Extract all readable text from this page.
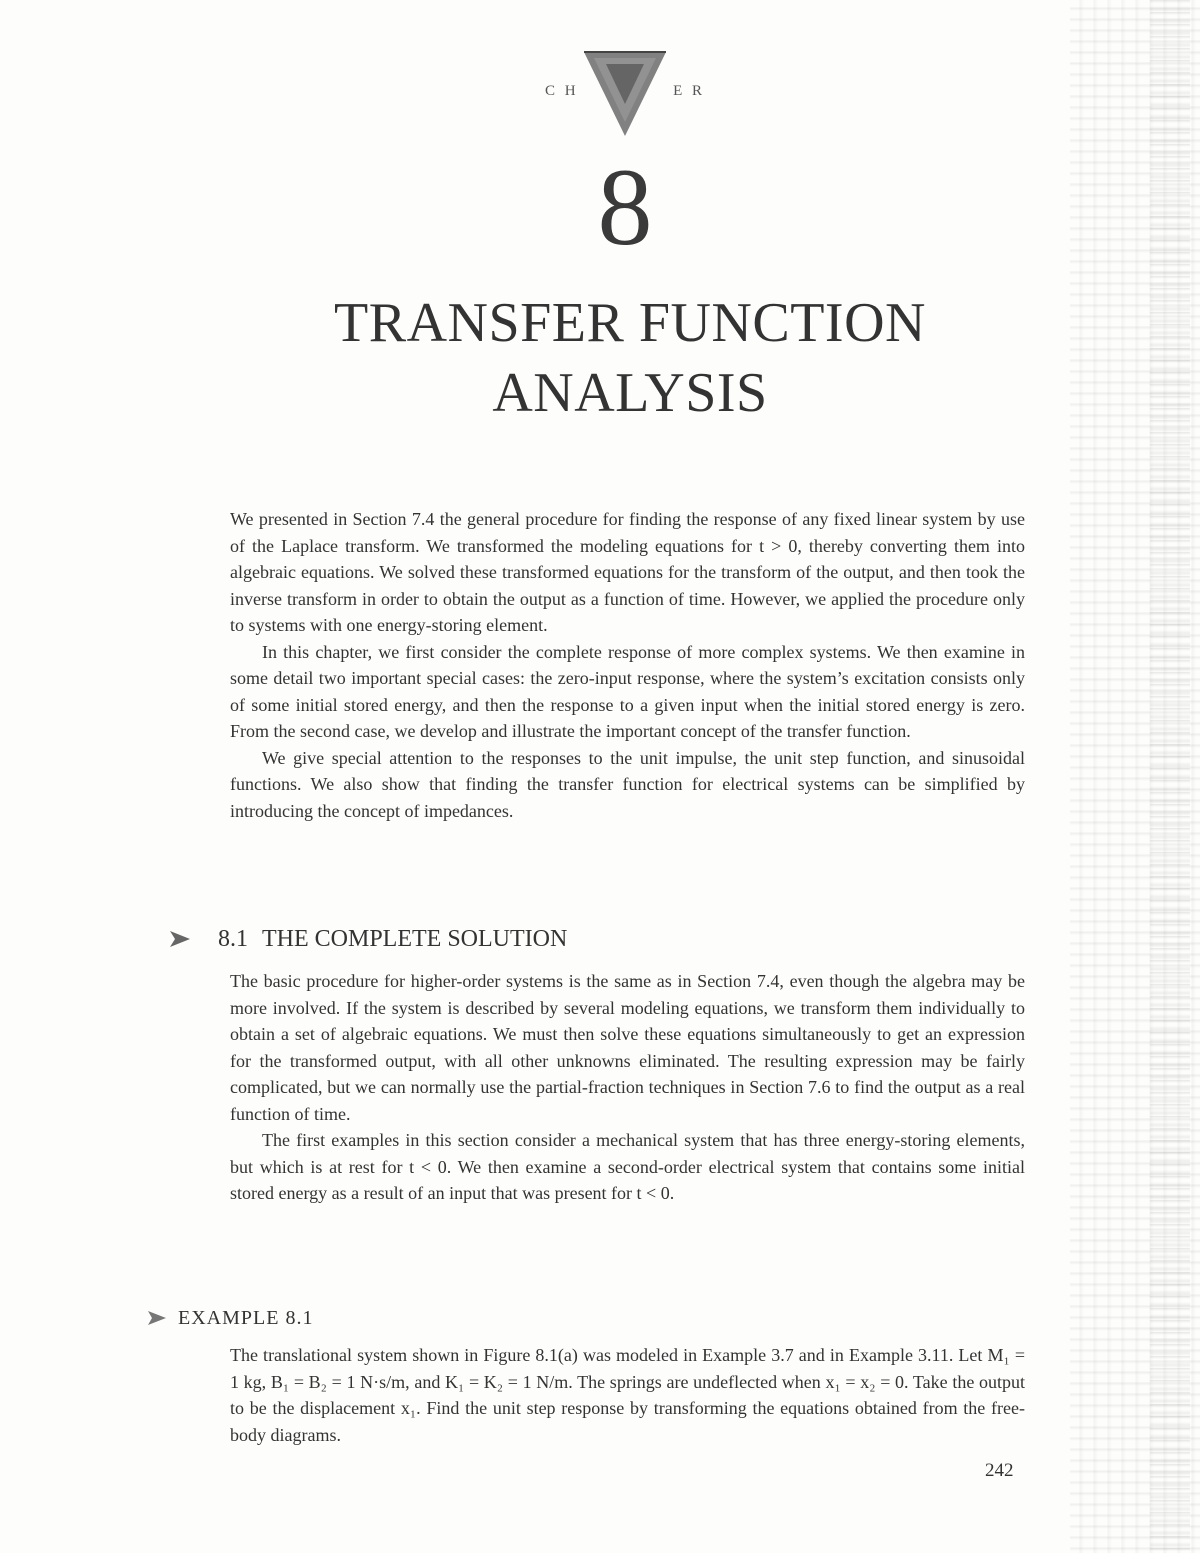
C H	E R
8
TRANSFER FUNCTION
ANALYSIS

We presented in Section 7.4 the general procedure for finding the response of any fixed linear system by use of the Laplace transform. We transformed the modeling equations for t > 0, thereby converting them into algebraic equations. We solved these transformed equations for the transform of the output, and then took the inverse transform in order to obtain the output as a function of time. However, we applied the procedure only to systems with one energy-storing element.

In this chapter, we first consider the complete response of more complex systems. We then examine in some detail two important special cases: the zero-input response, where the system’s excitation consists only of some initial stored energy, and then the response to a given input when the initial stored energy is zero. From the second case, we develop and illustrate the important concept of the transfer function.

We give special attention to the responses to the unit impulse, the unit step function, and sinusoidal functions. We also show that finding the transfer function for electrical systems can be simplified by introducing the concept of impedances.

8.1 THE COMPLETE SOLUTION

The basic procedure for higher-order systems is the same as in Section 7.4, even though the algebra may be more involved. If the system is described by several modeling equations, we transform them individually to obtain a set of algebraic equations. We must then solve these equations simultaneously to get an expression for the transformed output, with all other unknowns eliminated. The resulting expression may be fairly complicated, but we can normally use the partial-fraction techniques in Section 7.6 to find the output as a real function of time.

The first examples in this section consider a mechanical system that has three energy-storing elements, but which is at rest for t < 0. We then examine a second-order electrical system that contains some initial stored energy as a result of an input that was present for t < 0.

EXAMPLE 8.1

The translational system shown in Figure 8.1(a) was modeled in Example 3.7 and in Example 3.11. Let M₁ = 1 kg, B₁ = B₂ = 1 N·s/m, and K₁ = K₂ = 1 N/m. The springs are undeflected when x₁ = x₂ = 0. Take the output to be the displacement x₁. Find the unit step response by transforming the equations obtained from the free-body diagrams.

242
